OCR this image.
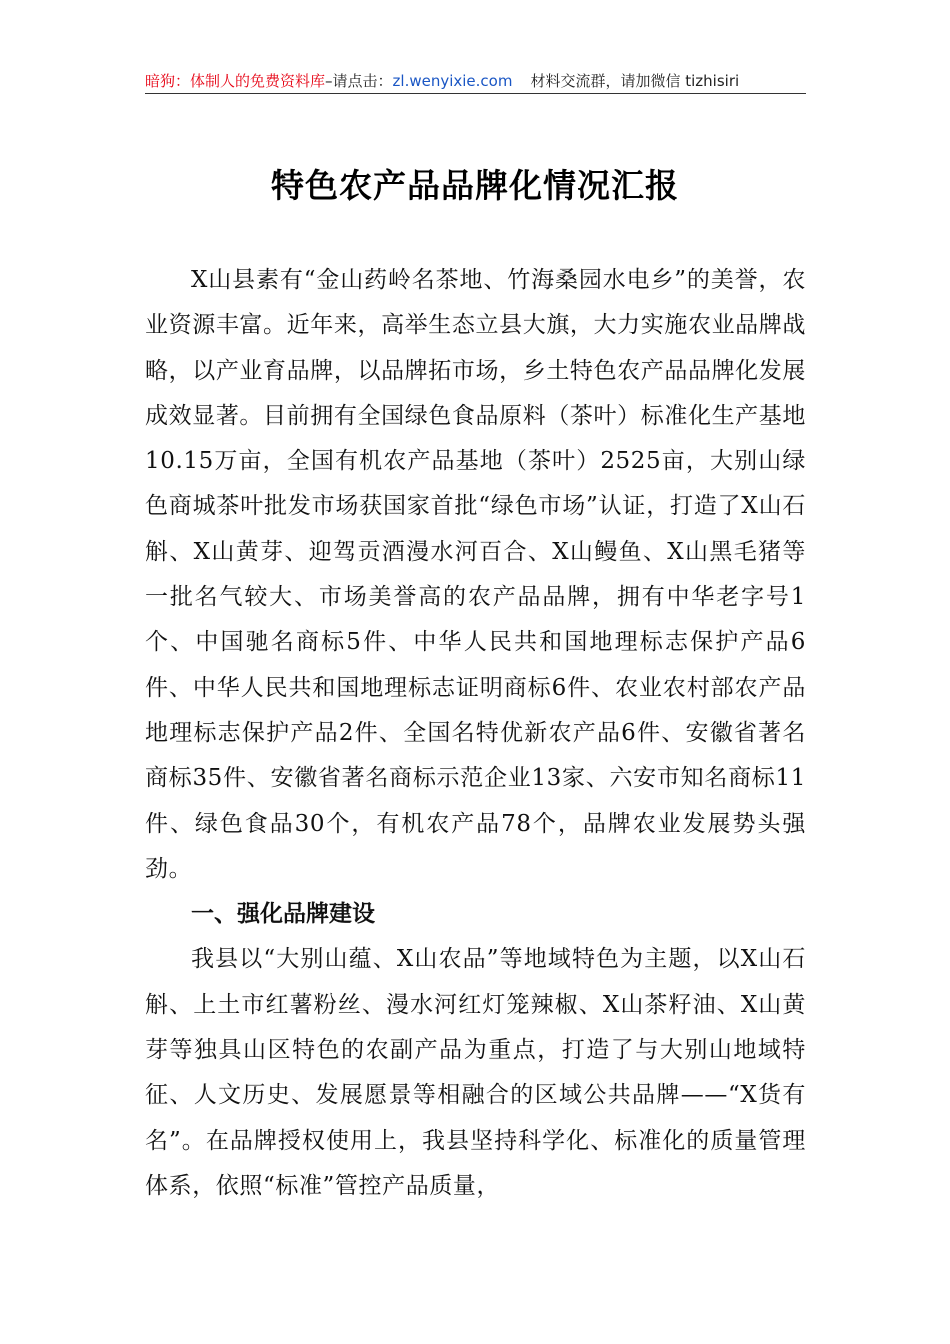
暗狗：体制人的免费资料库–请点击：zl.wenyixie.com 材料交流群，请加微信 tizhisiri
特色农产品品牌化情况汇报

X山县素有“金山药岭名茶地、竹海桑园水电乡”的美誉，农业资源丰富。近年来，高举生态立县大旗，大力实施农业品牌战略，以产业育品牌，以品牌拓市场，乡土特色农产品品牌化发展成效显著。目前拥有全国绿色食品原料（茶叶）标准化生产基地10.15万亩，全国有机农产品基地（茶叶）2525亩，大别山绿色商城茶叶批发市场获国家首批“绿色市场”认证，打造了X山石斛、X山黄芽、迎驾贡酒漫水河百合、X山鳗鱼、X山黑毛猪等一批名气较大、市场美誉高的农产品品牌，拥有中华老字号1个、中国驰名商标5件、中华人民共和国地理标志保护产品6件、中华人民共和国地理标志证明商标6件、农业农村部农产品地理标志保护产品2件、全国名特优新农产品6件、安徽省著名商标35件、安徽省著名商标示范企业13家、六安市知名商标11件、绿色食品30个，有机农产品78个，品牌农业发展势头强劲。

一、强化品牌建设

我县以“大别山蕴、X山农品”等地域特色为主题，以X山石斛、上土市红薯粉丝、漫水河红灯笼辣椒、X山茶籽油、X山黄芽等独具山区特色的农副产品为重点，打造了与大别山地域特征、人文历史、发展愿景等相融合的区域公共品牌——“X货有名”。在品牌授权使用上，我县坚持科学化、标准化的质量管理体系，依照“标准”管控产品质量，
